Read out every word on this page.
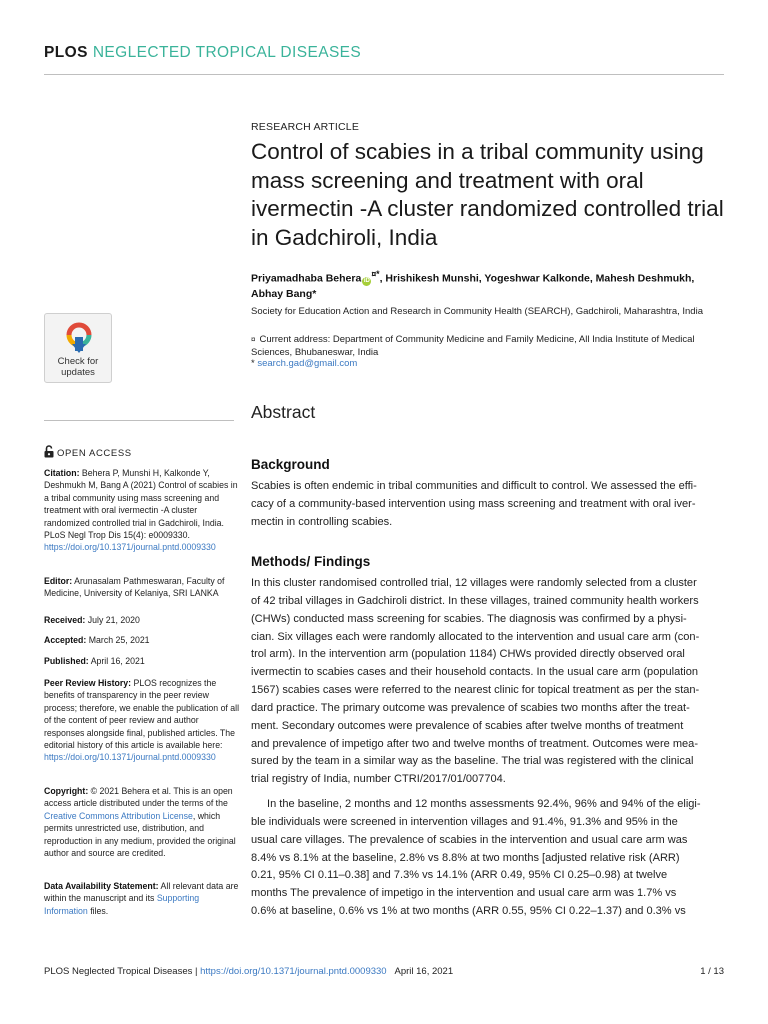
PLOS NEGLECTED TROPICAL DISEASES
Check for
updates
OPEN ACCESS
Citation: Behera P, Munshi H, Kalkonde Y, Deshmukh M, Bang A (2021) Control of scabies in a tribal community using mass screening and treatment with oral ivermectin -A cluster randomized controlled trial in Gadchiroli, India. PLoS Negl Trop Dis 15(4): e0009330. https://doi.org/10.1371/journal.pntd.0009330
Editor: Arunasalam Pathmeswaran, Faculty of Medicine, University of Kelaniya, SRI LANKA
Received: July 21, 2020
Accepted: March 25, 2021
Published: April 16, 2021
Peer Review History: PLOS recognizes the benefits of transparency in the peer review process; therefore, we enable the publication of all of the content of peer review and author responses alongside final, published articles. The editorial history of this article is available here: https://doi.org/10.1371/journal.pntd.0009330
Copyright: © 2021 Behera et al. This is an open access article distributed under the terms of the Creative Commons Attribution License, which permits unrestricted use, distribution, and reproduction in any medium, provided the original author and source are credited.
Data Availability Statement: All relevant data are within the manuscript and its Supporting Information files.
RESEARCH ARTICLE
Control of scabies in a tribal community using mass screening and treatment with oral ivermectin -A cluster randomized controlled trial in Gadchiroli, India
Priyamadhaba Behera iD¤*, Hrishikesh Munshi, Yogeshwar Kalkonde, Mahesh Deshmukh, Abhay Bang*
Society for Education Action and Research in Community Health (SEARCH), Gadchiroli, Maharashtra, India
¤ Current address: Department of Community Medicine and Family Medicine, All India Institute of Medical Sciences, Bhubaneswar, India
* search.gad@gmail.com
Abstract
Background
Scabies is often endemic in tribal communities and difficult to control. We assessed the effi-
cacy of a community-based intervention using mass screening and treatment with oral iver-
mectin in controlling scabies.
Methods/ Findings
In this cluster randomised controlled trial, 12 villages were randomly selected from a cluster
of 42 tribal villages in Gadchiroli district. In these villages, trained community health workers
(CHWs) conducted mass screening for scabies. The diagnosis was confirmed by a physi-
cian. Six villages each were randomly allocated to the intervention and usual care arm (con-
trol arm). In the intervention arm (population 1184) CHWs provided directly observed oral
ivermectin to scabies cases and their household contacts. In the usual care arm (population
1567) scabies cases were referred to the nearest clinic for topical treatment as per the stan-
dard practice. The primary outcome was prevalence of scabies two months after the treat-
ment. Secondary outcomes were prevalence of scabies after twelve months of treatment
and prevalence of impetigo after two and twelve months of treatment. Outcomes were mea-
sured by the team in a similar way as the baseline. The trial was registered with the clinical
trial registry of India, number CTRI/2017/01/007704.
In the baseline, 2 months and 12 months assessments 92.4%, 96% and 94% of the eligi-
ble individuals were screened in intervention villages and 91.4%, 91.3% and 95% in the
usual care villages. The prevalence of scabies in the intervention and usual care arm was
8.4% vs 8.1% at the baseline, 2.8% vs 8.8% at two months [adjusted relative risk (ARR)
0.21, 95% CI 0.11–0.38] and 7.3% vs 14.1% (ARR 0.49, 95% CI 0.25–0.98) at twelve
months The prevalence of impetigo in the intervention and usual care arm was 1.7% vs
0.6% at baseline, 0.6% vs 1% at two months (ARR 0.55, 95% CI 0.22–1.37) and 0.3% vs
PLOS Neglected Tropical Diseases | https://doi.org/10.1371/journal.pntd.0009330 April 16, 2021	1 / 13
